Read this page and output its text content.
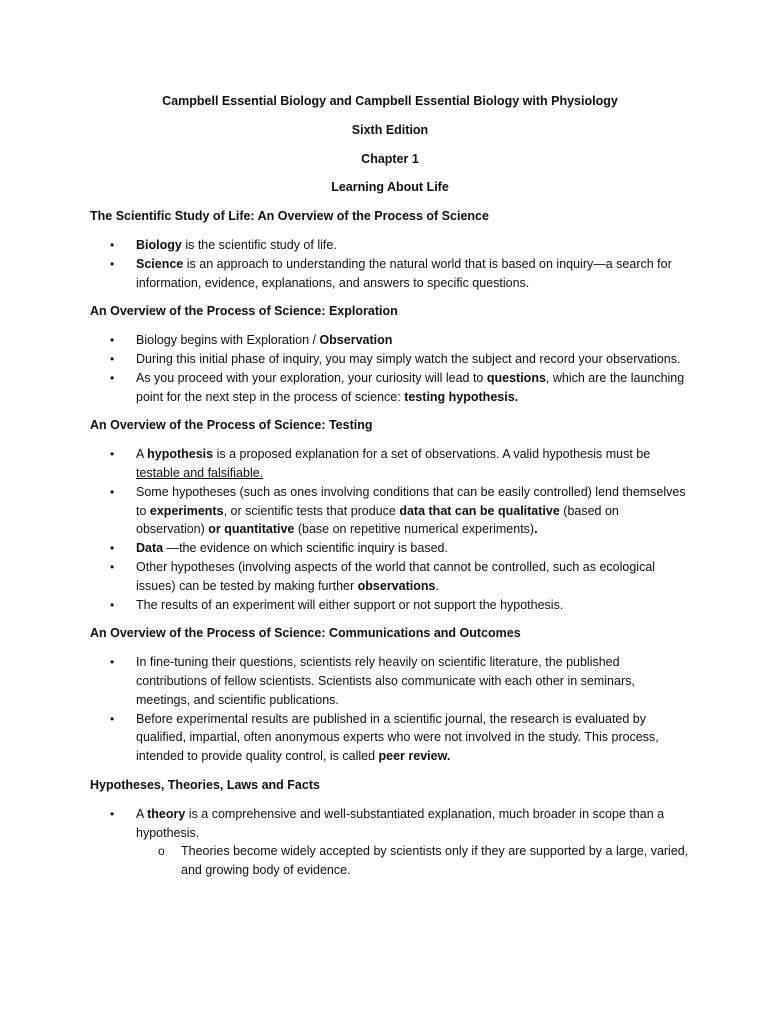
Campbell Essential Biology and Campbell Essential Biology with Physiology

Sixth Edition

Chapter 1

Learning About Life

The Scientific Study of Life: An Overview of the Process of Science

• Biology is the scientific study of life.
• Science is an approach to understanding the natural world that is based on inquiry—a search for information, evidence, explanations, and answers to specific questions.

An Overview of the Process of Science: Exploration

• Biology begins with Exploration / Observation
• During this initial phase of inquiry, you may simply watch the subject and record your observations.
• As you proceed with your exploration, your curiosity will lead to questions, which are the launching point for the next step in the process of science: testing hypothesis.

An Overview of the Process of Science: Testing

• A hypothesis is a proposed explanation for a set of observations. A valid hypothesis must be testable and falsifiable.
• Some hypotheses (such as ones involving conditions that can be easily controlled) lend themselves to experiments, or scientific tests that produce data that can be qualitative (based on observation) or quantitative (base on repetitive numerical experiments).
• Data —the evidence on which scientific inquiry is based.
• Other hypotheses (involving aspects of the world that cannot be controlled, such as ecological issues) can be tested by making further observations.
• The results of an experiment will either support or not support the hypothesis.

An Overview of the Process of Science: Communications and Outcomes

• In fine-tuning their questions, scientists rely heavily on scientific literature, the published contributions of fellow scientists. Scientists also communicate with each other in seminars, meetings, and scientific publications.
• Before experimental results are published in a scientific journal, the research is evaluated by qualified, impartial, often anonymous experts who were not involved in the study. This process, intended to provide quality control, is called peer review.

Hypotheses, Theories, Laws and Facts

• A theory is a comprehensive and well-substantiated explanation, much broader in scope than a hypothesis.
o Theories become widely accepted by scientists only if they are supported by a large, varied, and growing body of evidence.
